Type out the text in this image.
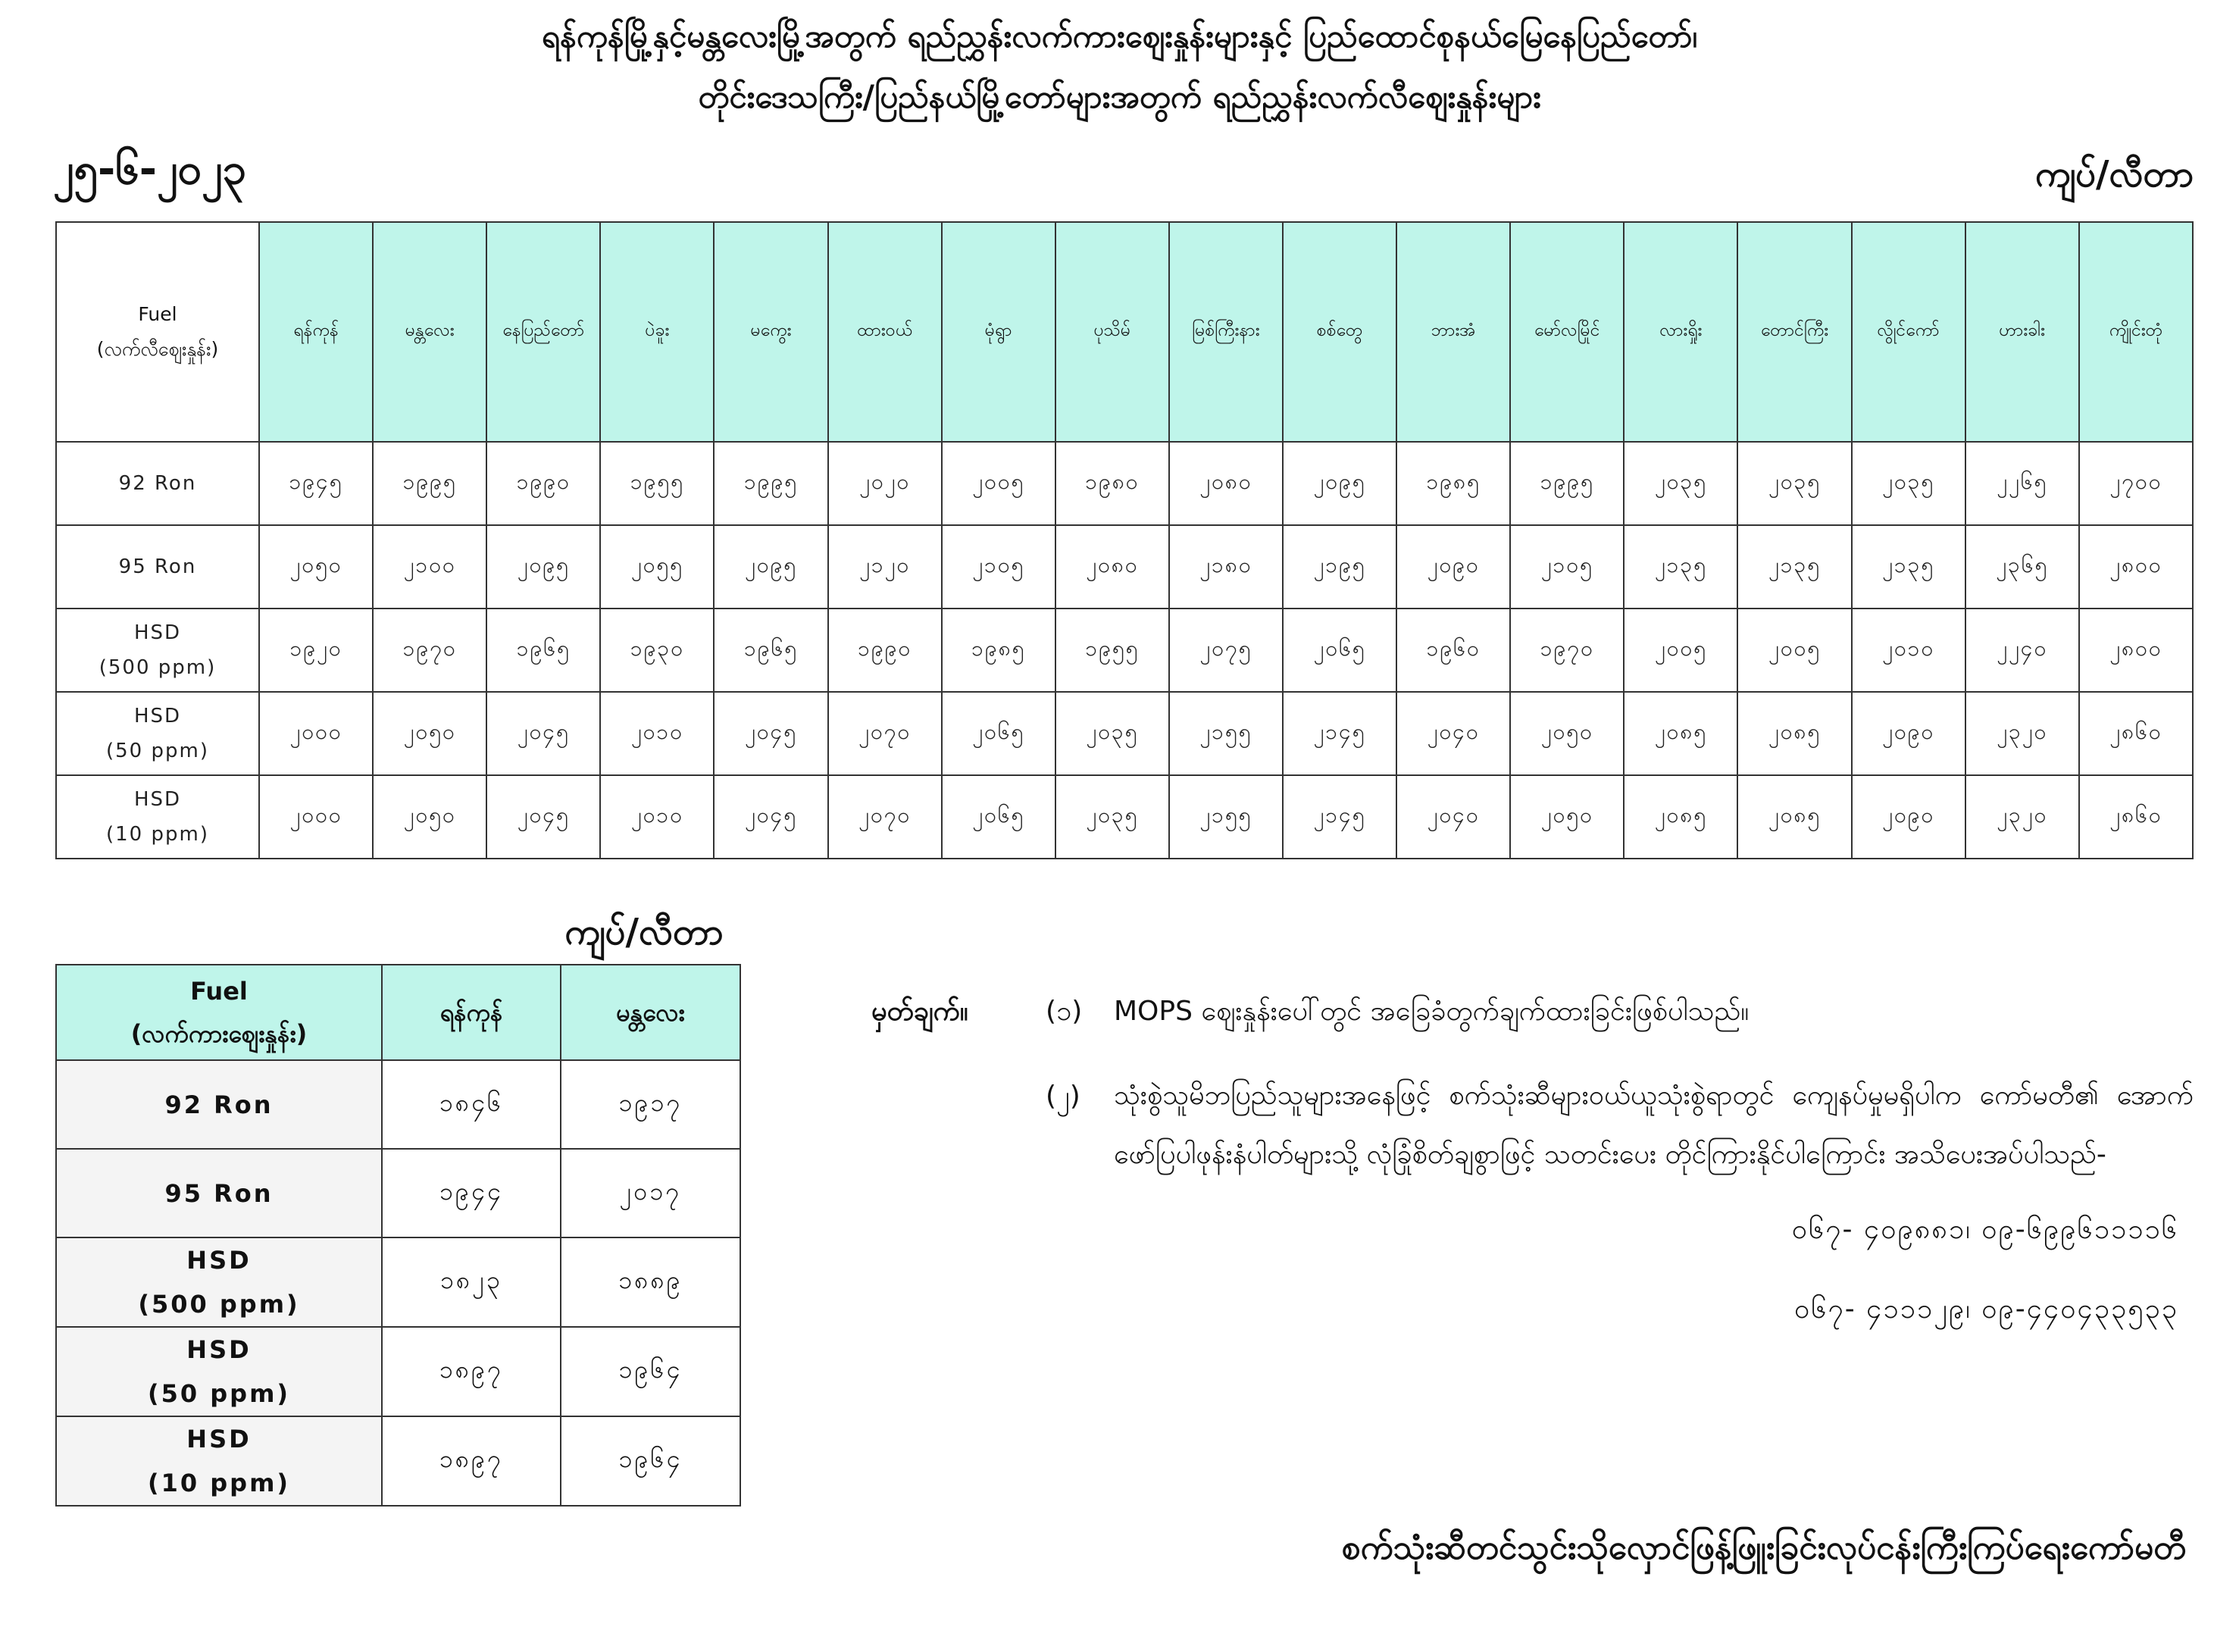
ရန်ကုန်မြို့နှင့်မန္တလေးမြို့အတွက် ရည်ညွှန်းလက်ကားဈေးနှုန်းများနှင့် ပြည်ထောင်စုနယ်မြေနေပြည်တော်၊
တိုင်းဒေသကြီး/ပြည်နယ်မြို့တော်များအတွက် ရည်ညွှန်းလက်လီဈေးနှုန်းများ
၂၅-၆-၂၀၂၃	ကျပ်/လီတာ
Fuel
(လက်လီဈေးနှုန်း)	ရန်ကုန်	မန္တလေး	နေပြည်တော်	ပဲခူး	မကွေး	ထားဝယ်	မုံရွာ	ပုသိမ်	မြစ်ကြီးနား	စစ်တွေ	ဘားအံ	မော်လမြိုင်	လားရှိုး	တောင်ကြီး	လွိုင်ကော်	ဟားခါး	ကျိုင်းတုံ

92 Ron	၁၉၄၅	၁၉၉၅	၁၉၉၀	၁၉၅၅	၁၉၉၅	၂၀၂၀	၂၀၀၅	၁၉၈၀	၂၀၈၀	၂၀၉၅	၁၉၈၅	၁၉၉၅	၂၀၃၅	၂၀၃၅	၂၀၃၅	၂၂၆၅	၂၇၀၀

95 Ron	၂၀၅၀	၂၁၀၀	၂၀၉၅	၂၀၅၅	၂၀၉၅	၂၁၂၀	၂၁၀၅	၂၀၈၀	၂၁၈၀	၂၁၉၅	၂၀၉၀	၂၁၀၅	၂၁၃၅	၂၁၃၅	၂၁၃၅	၂၃၆၅	၂၈၀၀

HSD
(500 ppm)	၁၉၂၀	၁၉၇၀	၁၉၆၅	၁၉၃၀	၁၉၆၅	၁၉၉၀	၁၉၈၅	၁၉၅၅	၂၀၇၅	၂၀၆၅	၁၉၆၀	၁၉၇၀	၂၀၀၅	၂၀၀၅	၂၀၁၀	၂၂၄၀	၂၈၀၀

HSD
(50 ppm)	၂၀၀၀	၂၀၅၀	၂၀၄၅	၂၀၁၀	၂၀၄၅	၂၀၇၀	၂၀၆၅	၂၀၃၅	၂၁၅၅	၂၁၄၅	၂၀၄၀	၂၀၅၀	၂၀၈၅	၂၀၈၅	၂၀၉၀	၂၃၂၀	၂၈၆၀

HSD
(10 ppm)	၂၀၀၀	၂၀၅၀	၂၀၄၅	၂၀၁၀	၂၀၄၅	၂၀၇၀	၂၀၆၅	၂၀၃၅	၂၁၅၅	၂၁၄၅	၂၀၄၀	၂၀၅၀	၂၀၈၅	၂၀၈၅	၂၀၉၀	၂၃၂၀	၂၈၆၀
ကျပ်/လီတာ
Fuel
(လက်ကားဈေးနှုန်း)	ရန်ကုန်	မန္တလေး

92 Ron	၁၈၄၆	၁၉၁၇

95 Ron	၁၉၄၄	၂၀၁၇

HSD
(500 ppm)	၁၈၂၃	၁၈၈၉

HSD
(50 ppm)	၁၈၉၇	၁၉၆၄

HSD
(10 ppm)	၁၈၉၇	၁၉၆၄
မှတ်ချက်။	(၁)	MOPS ဈေးနှုန်းပေါ်တွင် အခြေခံတွက်ချက်ထားခြင်းဖြစ်ပါသည်။
(၂)	သုံးစွဲသူမိဘပြည်သူများအနေဖြင့် စက်သုံးဆီများဝယ်ယူသုံးစွဲရာတွင် ကျေနပ်မှုမရှိပါက ကော်မတီ၏ အောက်ဖော်ပြပါဖုန်းနံပါတ်များသို့ လုံခြုံစိတ်ချစွာဖြင့် သတင်းပေး တိုင်ကြားနိုင်ပါကြောင်း အသိပေးအပ်ပါသည်-
၀၆၇- ၄၀၉၈၈၁၊ ၀၉-၆၉၉၆၁၁၁၁၆
၀၆၇- ၄၁၁၁၂၉၊ ၀၉-၄၄၀၄၃၃၅၃၃
စက်သုံးဆီတင်သွင်းသိုလှောင်ဖြန့်ဖြူးခြင်းလုပ်ငန်းကြီးကြပ်ရေးကော်မတီ
